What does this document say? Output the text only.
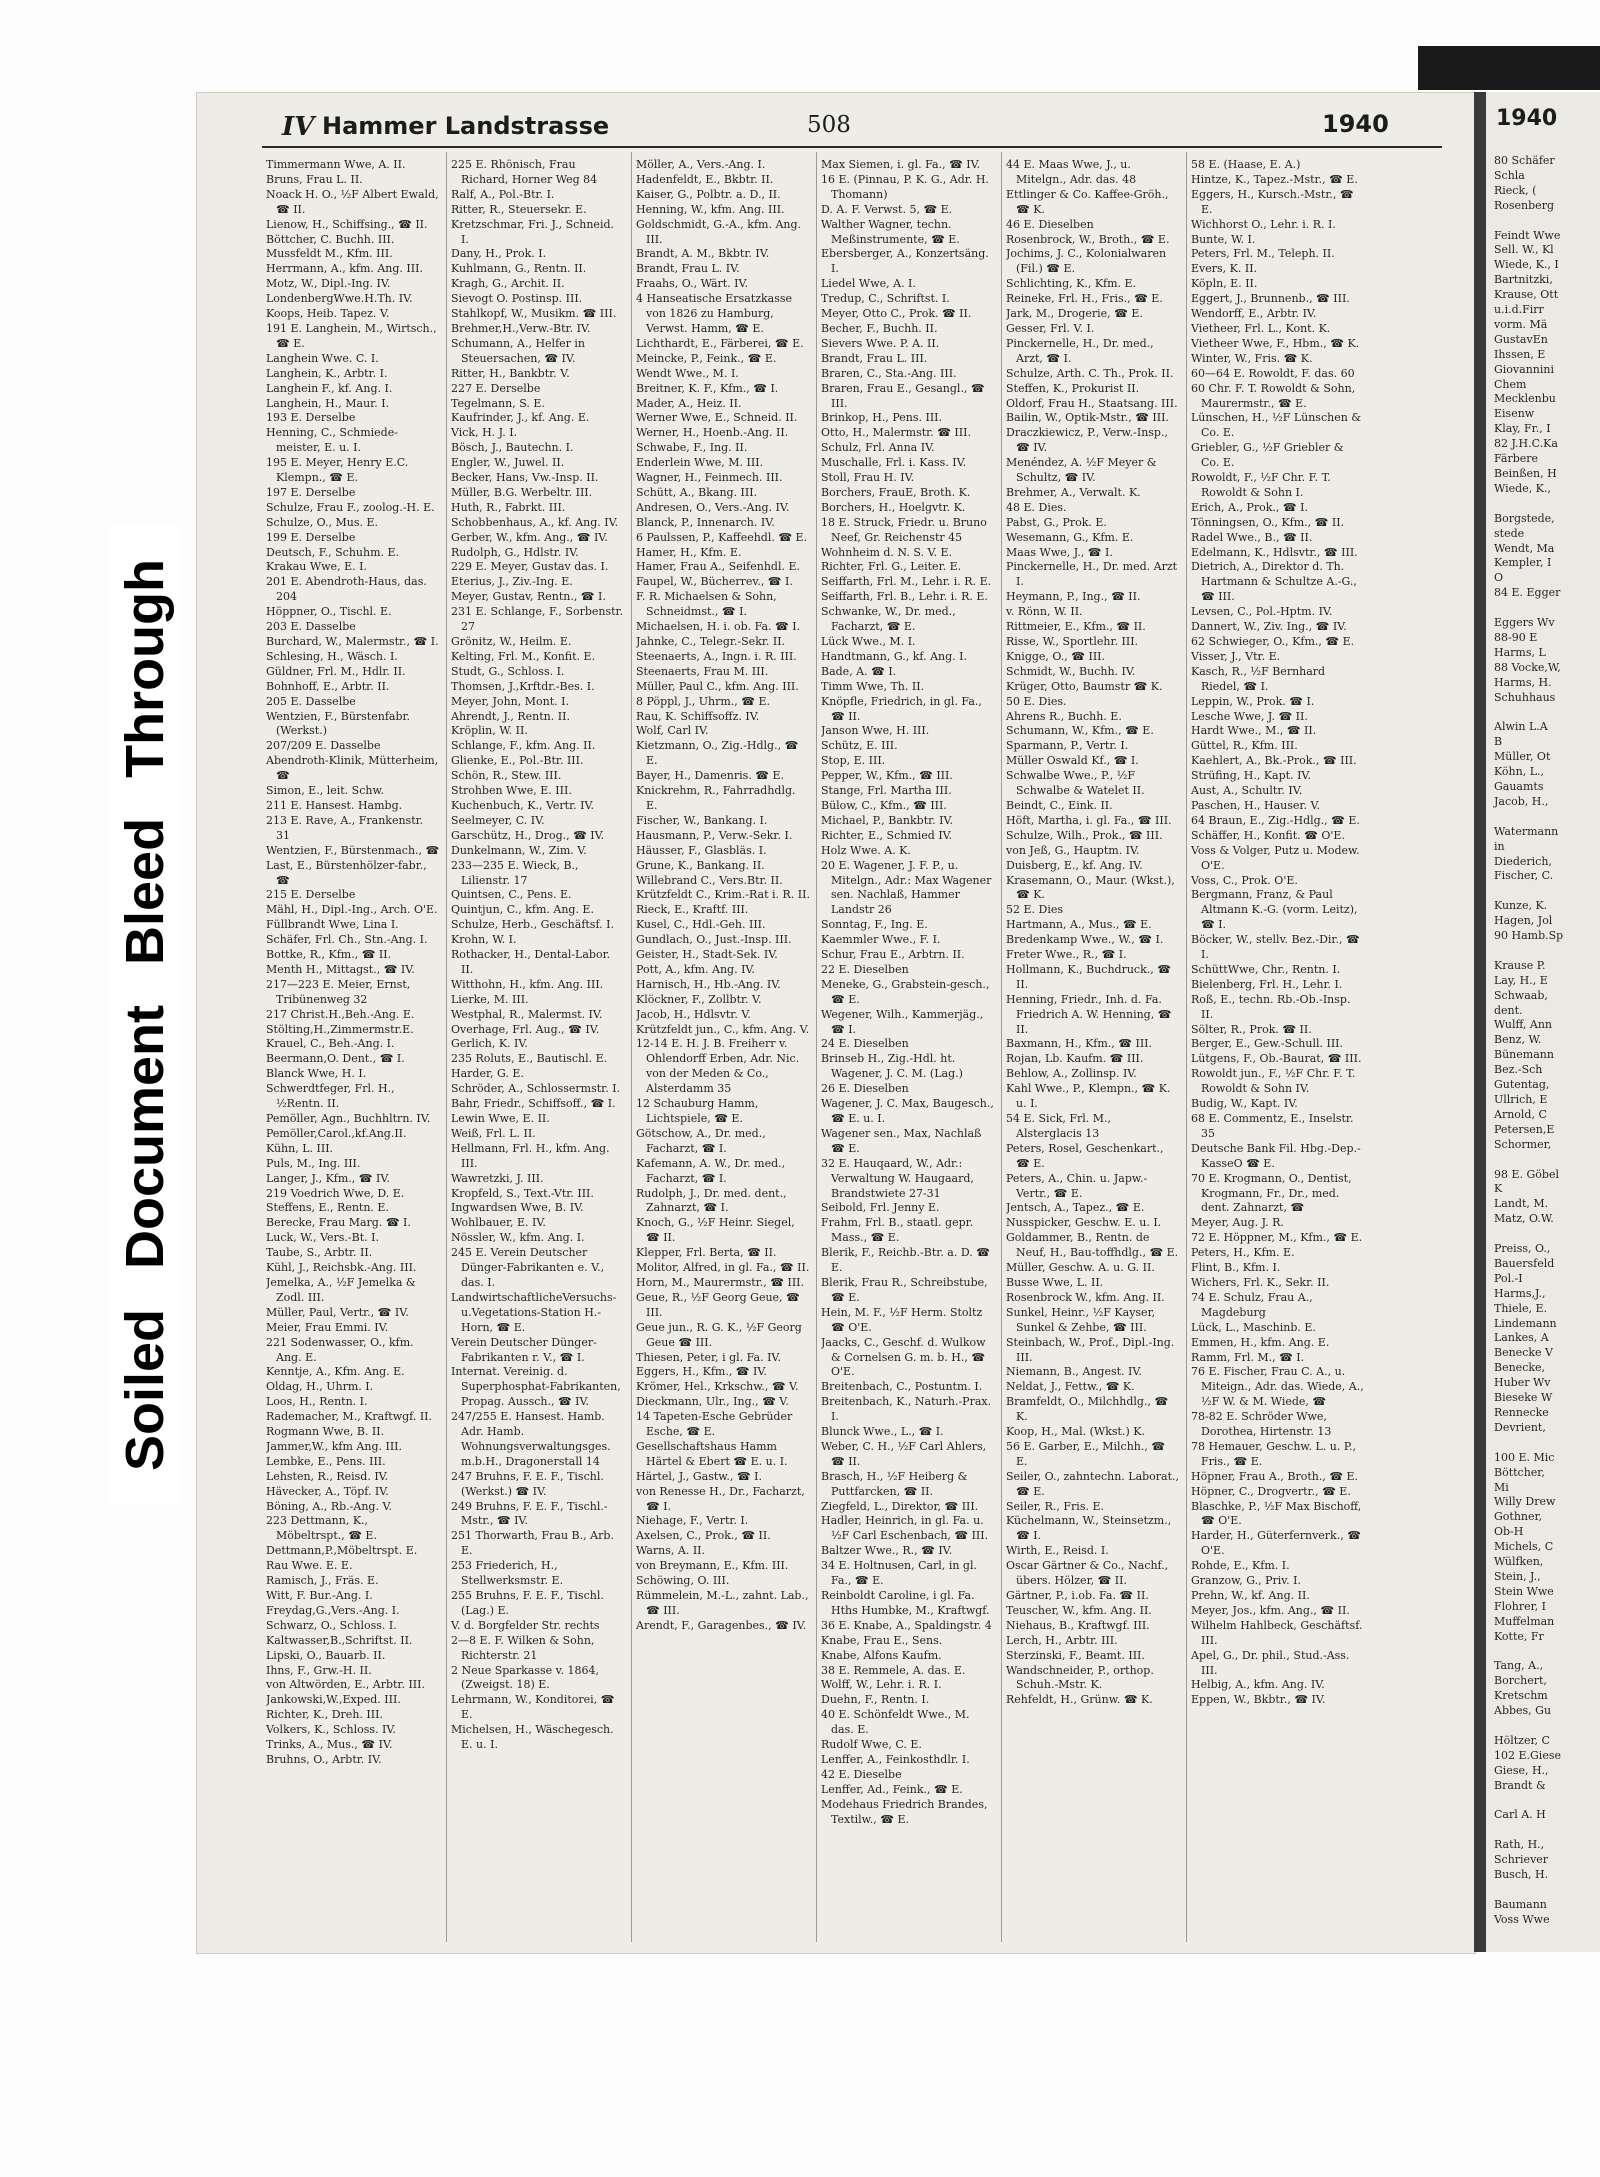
SoiledDocumentBleedThrough
1940
80 Schäfer
Schla
Rieck, (
Rosenberg
Feindt Wwe
Sell. W., Kl
Wiede, K., I
Bartnitzki,
Krause, Ott
u.i.d.Firr
vorm. Mä
GustavEn
Ihssen, E
Giovannini
Chem
Mecklenbu
Eisenw
Klay, Fr., I
82 J.H.C.Ka
Färbere
Beinßen, H
Wiede, K.,
Borgstede,
stede
Wendt, Ma
Kempler, I
O
84 E. Egger
Eggers Wv
88-90 E
Harms, L
88 Vocke,W,
Harms, H.
Schuhhaus
Alwin L.A
B
Müller, Ot
Köhn, L.,
Gauamts
Jacob, H.,
Watermann
in
Diederich,
Fischer, C.
Kunze, K.
Hagen, Jol
90 Hamb.Sp
Krause P.
Lay, H., E
Schwaab,
dent.
Wulff, Ann
Benz, W.
Bünemann
Bez.-Sch
Gutentag,
Ullrich, E
Arnold, C
Petersen,E
Schormer,
98 E. Göbel
K
Landt, M.
Matz, O.W.
Preiss, O.,
Bauersfeld
Pol.-I
Harms,J.,
Thiele, E.
Lindemann
Lankes, A
Benecke V
Benecke,
Huber Wv
Bieseke W
Rennecke
Devrient,
100 E. Mic
Böttcher,
Mi
Willy Drew
Gothner,
Ob-H
Michels, C
Wülfken,
Stein, J.,
Stein Wwe
Flohrer, I
Muffelman
Kotte, Fr
Tang, A.,
Borchert,
Kretschm
Abbes, Gu
Höltzer, C
102 E.Giese
Giese, H.,
Brandt &
Carl A. H
Rath, H.,
Schriever
Busch, H.
Baumann
Voss Wwe
IV Hammer Landstrasse	508	1940

Timmermann Wwe, A. II.

Bruns, Frau L. II.

Noack H. O., ½F Albert Ewald, ☎ II.

Lienow, H., Schiffsing., ☎ II.

Böttcher, C. Buchh. III.

Mussfeldt M., Kfm. III.

Herrmann, A., kfm. Ang. III.

Motz, W., Dipl.-Ing. IV.

LondenbergWwe.H.Th. IV.

Koops, Heib. Tapez. V.

191 E. Langhein, M., Wirtsch., ☎ E.

Langhein Wwe. C. I.

Langhein, K., Arbtr. I.

Langhein F., kf. Ang. I.

Langhein, H., Maur. I.

193 E. Derselbe

Henning, C., Schmiede-meister, E. u. I.

195 E. Meyer, Henry E.C. Klempn., ☎ E.

197 E. Derselbe

Schulze, Frau F., zoolog.-H. E.

Schulze, O., Mus. E.

199 E. Derselbe

Deutsch, F., Schuhm. E.

Krakau Wwe, E. I.

201 E. Abendroth-Haus, das. 204

Höppner, O., Tischl. E.

203 E. Dasselbe

Burchard, W., Malermstr., ☎ I.

Schlesing, H., Wäsch. I.

Güldner, Frl. M., Hdlr. II.

Bohnhoff, E., Arbtr. II.

205 E. Dasselbe

Wentzien, F., Bürstenfabr. (Werkst.)

207/209 E. Dasselbe

Abendroth-Klinik, Mütterheim, ☎

Simon, E., leit. Schw.

211 E. Hansest. Hambg.

213 E. Rave, A., Frankenstr. 31

Wentzien, F., Bürstenmach., ☎

Last, E., Bürstenhölzer-fabr., ☎

215 E. Derselbe

Mähl, H., Dipl.-Ing., Arch. O'E.

Füllbrandt Wwe, Lina I.

Schäfer, Frl. Ch., Stn.-Ang. I.

Bottke, R., Kfm., ☎ II.

Menth H., Mittagst., ☎ IV.

217—223 E. Meier, Ernst, Tribünenweg 32

217 Christ.H.,Beh.-Ang. E.

Stölting,H.,Zimmermstr.E.

Krauel, C., Beh.-Ang. I.

Beermann,O. Dent., ☎ I.

Blanck Wwe, H. I.

Schwerdtfeger, Frl. H., ½Rentn. II.

Pemöller, Agn., Buchhltrn. IV.

Pemöller,Carol.,kf.Ang.II.

Kühn, L. III.

Puls, M., Ing. III.

Langer, J., Kfm., ☎ IV.

219 Voedrich Wwe, D. E.

Steffens, E., Rentn. E.

Berecke, Frau Marg. ☎ I.

Luck, W., Vers.-Bt. I.

Taube, S., Arbtr. II.

Kühl, J., Reichsbk.-Ang. III.

Jemelka, A., ½F Jemelka & Zodl. III.

Müller, Paul, Vertr., ☎ IV.

Meier, Frau Emmi. IV.

221 Sodenwasser, O., kfm. Ang. E.

Kenntje, A., Kfm. Ang. E.

Oldag, H., Uhrm. I.

Loos, H., Rentn. I.

Rademacher, M., Kraftwgf. II.

Rogmann Wwe, B. II.

Jammer,W., kfm Ang. III.

Lembke, E., Pens. III.

Lehsten, R., Reisd. IV.

Hävecker, A., Töpf. IV.

Böning, A., Rb.-Ang. V.

223 Dettmann, K., Möbeltrspt., ☎ E.

Dettmann,P.,Möbeltrspt. E.

Rau Wwe. E. E.

Ramisch, J., Fräs. E.

Witt, F. Bur.-Ang. I.

Freydag,G.,Vers.-Ang. I.

Schwarz, O., Schloss. I.

Kaltwasser,B.,Schriftst. II.

Lipski, O., Bauarb. II.

Ihns, F., Grw.-H. II.

von Altwörden, E., Arbtr. III.

Jankowski,W.,Exped. III.

Richter, K., Dreh. III.

Volkers, K., Schloss. IV.

Trinks, A., Mus., ☎ IV.

Bruhns, O., Arbtr. IV.

225 E. Rhönisch, Frau Richard, Horner Weg 84

Ralf, A., Pol.-Btr. I.

Ritter, R., Steuersekr. E.

Kretzschmar, Fri. J., Schneid. I.

Dany, H., Prok. I.

Kuhlmann, G., Rentn. II.

Kragh, G., Archit. II.

Sievogt O. Postinsp. III.

Stahlkopf, W., Musikm. ☎ III.

Brehmer,H.,Verw.-Btr. IV.

Schumann, A., Helfer in Steuersachen, ☎ IV.

Ritter, H., Bankbtr. V.

227 E. Derselbe

Tegelmann, S. E.

Kaufrinder, J., kf. Ang. E.

Vick, H. J. I.

Bösch, J., Bautechn. I.

Engler, W., Juwel. II.

Becker, Hans, Vw.-Insp. II.

Müller, B.G. Werbeltr. III.

Huth, R., Fabrkt. III.

Schobbenhaus, A., kf. Ang. IV.

Gerber, W., kfm. Ang., ☎ IV.

Rudolph, G., Hdlstr. IV.

229 E. Meyer, Gustav das. I.

Eterius, J., Ziv.-Ing. E.

Meyer, Gustav, Rentn., ☎ I.

231 E. Schlange, F., Sorbenstr. 27

Grönitz, W., Heilm. E.

Kelting, Frl. M., Konfit. E.

Studt, G., Schloss. I.

Thomsen, J.,Krftdr.-Bes. I.

Meyer, John, Mont. I.

Ahrendt, J., Rentn. II.

Kröplin, W. II.

Schlange, F., kfm. Ang. II.

Glienke, E., Pol.-Btr. III.

Schön, R., Stew. III.

Strohben Wwe, E. III.

Kuchenbuch, K., Vertr. IV.

Seelmeyer, C. IV.

Garschütz, H., Drog., ☎ IV.

Dunkelmann, W., Zim. V.

233—235 E. Wieck, B., Lilienstr. 17

Quintsen, C., Pens. E.

Quintjun, C., kfm. Ang. E.

Schulze, Herb., Geschäftsf. I.

Krohn, W. I.

Rothacker, H., Dental-Labor. II.

Witthohn, H., kfm. Ang. III.

Lierke, M. III.

Westphal, R., Malermst. IV.

Overhage, Frl. Aug., ☎ IV.

Gerlich, K. IV.

235 Roluts, E., Bautischl. E.

Harder, G. E.

Schröder, A., Schlossermstr. I.

Bahr, Friedr., Schiffsoff., ☎ I.

Lewin Wwe, E. II.

Weiß, Frl. L. II.

Hellmann, Frl. H., kfm. Ang. III.

Wawretzki, J. III.

Kropfeld, S., Text.-Vtr. III.

Ingwardsen Wwe, B. IV.

Wohlbauer, E. IV.

Nössler, W., kfm. Ang. I.

245 E. Verein Deutscher Dünger-Fabrikanten e. V., das. I.

LandwirtschaftlicheVersuchs-u.Vegetations-Station H.-Horn, ☎ E.

Verein Deutscher Dünger-Fabrikanten r. V., ☎ I.

Internat. Vereinig. d. Superphosphat-Fabrikanten, Propag. Aussch., ☎ IV.

247/255 E. Hansest. Hamb. Adr. Hamb. Wohnungsverwaltungsges. m.b.H., Dragonerstall 14

247 Bruhns, F. E. F., Tischl. (Werkst.) ☎ IV.

249 Bruhns, F. E. F., Tischl.-Mstr., ☎ IV.

251 Thorwarth, Frau B., Arb. E.

253 Friederich, H., Stellwerksmstr. E.

255 Bruhns, F. E. F., Tischl. (Lag.) E.

V. d. Borgfelder Str. rechts

2—8 E. F. Wilken & Sohn, Richterstr. 21

2 Neue Sparkasse v. 1864, (Zweigst. 18) E.

Lehrmann, W., Konditorei, ☎ E.

Michelsen, H., Wäschegesch. E. u. I.

Möller, A., Vers.-Ang. I.

Hadenfeldt, E., Bkbtr. II.

Kaiser, G., Polbtr. a. D., II.

Henning, W., kfm. Ang. III.

Goldschmidt, G.-A., kfm. Ang. III.

Brandt, A. M., Bkbtr. IV.

Brandt, Frau L. IV.

Fraahs, O., Wärt. IV.

4 Hanseatische Ersatzkasse von 1826 zu Hamburg, Verwst. Hamm, ☎ E.

Lichthardt, E., Färberei, ☎ E.

Meincke, P., Feink., ☎ E.

Wendt Wwe., M. I.

Breitner, K. F., Kfm., ☎ I.

Mader, A., Heiz. II.

Werner Wwe, E., Schneid. II.

Werner, H., Hoenb.-Ang. II.

Schwabe, F., Ing. II.

Enderlein Wwe, M. III.

Wagner, H., Feinmech. III.

Schütt, A., Bkang. III.

Andresen, O., Vers.-Ang. IV.

Blanck, P., Innenarch. IV.

6 Paulssen, P., Kaffeehdl. ☎ E.

Hamer, H., Kfm. E.

Hamer, Frau A., Seifenhdl. E.

Faupel, W., Bücherrev., ☎ I.

F. R. Michaelsen & Sohn, Schneidmst., ☎ I.

Michaelsen, H. i. ob. Fa. ☎ I.

Jahnke, C., Telegr.-Sekr. II.

Steenaerts, A., Ingn. i. R. III.

Steenaerts, Frau M. III.

Müller, Paul C., kfm. Ang. III.

8 Pöppl, J., Uhrm., ☎ E.

Rau, K. Schiffsoffz. IV.

Wolf, Carl IV.

Kietzmann, O., Zig.-Hdlg., ☎ E.

Bayer, H., Damenris. ☎ E.

Knickrehm, R., Fahrradhdlg. E.

Fischer, W., Bankang. I.

Hausmann, P., Verw.-Sekr. I.

Häusser, F., Glasbläs. I.

Grune, K., Bankang. II.

Willebrand C., Vers.Btr. II.

Krützfeldt C., Krim.-Rat i. R. II.

Rieck, E., Kraftf. III.

Kusel, C., Hdl.-Geh. III.

Gundlach, O., Just.-Insp. III.

Geister, H., Stadt-Sek. IV.

Pott, A., kfm. Ang. IV.

Harnisch, H., Hb.-Ang. IV.

Klöckner, F., Zollbtr. V.

Jacob, H., Hdlsvtr. V.

Krützfeldt jun., C., kfm. Ang. V.

12-14 E. H. J. B. Freiherr v. Ohlendorff Erben, Adr. Nic. von der Meden & Co., Alsterdamm 35

12 Schauburg Hamm, Lichtspiele, ☎ E.

Götschow, A., Dr. med., Facharzt, ☎ I.

Kafemann, A. W., Dr. med., Facharzt, ☎ I.

Rudolph, J., Dr. med. dent., Zahnarzt, ☎ I.

Knoch, G., ½F Heinr. Siegel, ☎ II.

Klepper, Frl. Berta, ☎ II.

Molitor, Alfred, in gl. Fa., ☎ II.

Horn, M., Maurermstr., ☎ III.

Geue, R., ½F Georg Geue, ☎ III.

Geue jun., R. G. K., ½F Georg Geue ☎ III.

Thiesen, Peter, i gl. Fa. IV.

Eggers, H., Kfm., ☎ IV.

Krömer, Hel., Krkschw., ☎ V.

Dieckmann, Ulr., Ing., ☎ V.

14 Tapeten-Esche Gebrüder Esche, ☎ E.

Gesellschaftshaus Hamm Härtel & Ebert ☎ E. u. I.

Härtel, J., Gastw., ☎ I.

von Renesse H., Dr., Facharzt, ☎ I.

Niehage, F., Vertr. I.

Axelsen, C., Prok., ☎ II.

Warns, A. II.

von Breymann, E., Kfm. III.

Schöwing, O. III.

Rümmelein, M.-L., zahnt. Lab., ☎ III.

Arendt, F., Garagenbes., ☎ IV.

Max Siemen, i. gl. Fa., ☎ IV.

16 E. (Pinnau, P. K. G., Adr. H. Thomann)

D. A. F. Verwst. 5, ☎ E.

Walther Wagner, techn. Meßinstrumente, ☎ E.

Ebersberger, A., Konzertsäng. I.

Liedel Wwe, A. I.

Tredup, C., Schriftst. I.

Meyer, Otto C., Prok. ☎ II.

Becher, F., Buchh. II.

Sievers Wwe. P. A. II.

Brandt, Frau L. III.

Braren, C., Sta.-Ang. III.

Braren, Frau E., Gesangl., ☎ III.

Brinkop, H., Pens. III.

Otto, H., Malermstr. ☎ III.

Schulz, Frl. Anna IV.

Muschalle, Frl. i. Kass. IV.

Stoll, Frau H. IV.

Borchers, FrauE, Broth. K.

Borchers, H., Hoelgvtr. K.

18 E. Struck, Friedr. u. Bruno Neef, Gr. Reichenstr 45

Wohnheim d. N. S. V. E.

Richter, Frl. G., Leiter. E.

Seiffarth, Frl. M., Lehr. i. R. E.

Seiffarth, Frl. B., Lehr. i. R. E.

Schwanke, W., Dr. med., Facharzt, ☎ E.

Lück Wwe., M. I.

Handtmann, G., kf. Ang. I.

Bade, A. ☎ I.

Timm Wwe, Th. II.

Knöpfle, Friedrich, in gl. Fa., ☎ II.

Janson Wwe, H. III.

Schütz, E. III.

Stop, E. III.

Pepper, W., Kfm., ☎ III.

Stange, Frl. Martha III.

Bülow, C., Kfm., ☎ III.

Michael, P., Bankbtr. IV.

Richter, E., Schmied IV.

Holz Wwe. A. K.

20 E. Wagener, J. F. P., u. Mitelgn., Adr.: Max Wagener sen. Nachlaß, Hammer Landstr 26

Sonntag, F., Ing. E.

Kaemmler Wwe., F. I.

Schur, Frau E., Arbtrn. II.

22 E. Dieselben

Meneke, G., Grabstein-gesch., ☎ E.

Wegener, Wilh., Kammerjäg., ☎ I.

24 E. Dieselben

Brinseb H., Zig.-Hdl. ht. Wagener, J. C. M. (Lag.)

26 E. Dieselben

Wagener, J. C. Max, Baugesch., ☎ E. u. I.

Wagener sen., Max, Nachlaß ☎ E.

32 E. Hauqaard, W., Adr.: Verwaltung W. Haugaard, Brandstwiete 27-31

Seibold, Frl. Jenny E.

Frahm, Frl. B., staatl. gepr. Mass., ☎ E.

Blerik, F., Reichb.-Btr. a. D. ☎ E.

Blerik, Frau R., Schreibstube, ☎ E.

Hein, M. F., ½F Herm. Stoltz ☎ O'E.

Jaacks, C., Geschf. d. Wulkow & Cornelsen G. m. b. H., ☎ O'E.

Breitenbach, C., Postuntm. I.

Breitenbach, K., Naturh.-Prax. I.

Blunck Wwe., L., ☎ I.

Weber, C. H., ½F Carl Ahlers, ☎ II.

Brasch, H., ½F Heiberg & Puttfarcken, ☎ II.

Ziegfeld, L., Direktor, ☎ III.

Hadler, Heinrich, in gl. Fa. u. ½F Carl Eschenbach, ☎ III.

Baltzer Wwe., R., ☎ IV.

34 E. Holtnusen, Carl, in gl. Fa., ☎ E.

Reinboldt Caroline, i gl. Fa. Hths Humbke, M., Kraftwgf.

36 E. Knabe, A., Spaldingstr. 4

Knabe, Frau E., Sens.

Knabe, Alfons Kaufm.

38 E. Remmele, A. das. E.

Wolff, W., Lehr. i. R. I.

Duehn, F., Rentn. I.

40 E. Schönfeldt Wwe., M. das. E.

Rudolf Wwe, C. E.

Lenffer, A., Feinkosthdlr. I.

42 E. Dieselbe

Lenffer, Ad., Feink., ☎ E.

Modehaus Friedrich Brandes, Textilw., ☎ E.

44 E. Maas Wwe, J., u. Mitelgn., Adr. das. 48

Ettlinger & Co. Kaffee-Gröh., ☎ K.

46 E. Dieselben

Rosenbrock, W., Broth., ☎ E.

Jochims, J. C., Kolonialwaren (Fil.) ☎ E.

Schlichting, K., Kfm. E.

Reineke, Frl. H., Fris., ☎ E.

Jark, M., Drogerie, ☎ E.

Gesser, Frl. V. I.

Pinckernelle, H., Dr. med., Arzt, ☎ I.

Schulze, Arth. C. Th., Prok. II.

Steffen, K., Prokurist II.

Oldorf, Frau H., Staatsang. III.

Bailin, W., Optik-Mstr., ☎ III.

Draczkiewicz, P., Verw.-Insp., ☎ IV.

Menéndez, A. ½F Meyer & Schultz, ☎ IV.

Brehmer, A., Verwalt. K.

48 E. Dies.

Pabst, G., Prok. E.

Wesemann, G., Kfm. E.

Maas Wwe, J., ☎ I.

Pinckernelle, H., Dr. med. Arzt I.

Heymann, P., Ing., ☎ II.

v. Rönn, W. II.

Rittmeier, E., Kfm., ☎ II.

Risse, W., Sportlehr. III.

Knigge, O., ☎ III.

Schmidt, W., Buchh. IV.

Krüger, Otto, Baumstr ☎ K.

50 E. Dies.

Ahrens R., Buchh. E.

Schumann, W., Kfm., ☎ E.

Sparmann, P., Vertr. I.

Müller Oswald Kf., ☎ I.

Schwalbe Wwe., P., ½F Schwalbe & Watelet II.

Beindt, C., Eink. II.

Höft, Martha, i. gl. Fa., ☎ III.

Schulze, Wilh., Prok., ☎ III.

von Jeß, G., Hauptm. IV.

Duisberg, E., kf. Ang. IV.

Krasemann, O., Maur. (Wkst.), ☎ K.

52 E. Dies

Hartmann, A., Mus., ☎ E.

Bredenkamp Wwe., W., ☎ I.

Freter Wwe., R., ☎ I.

Hollmann, K., Buchdruck., ☎ II.

Henning, Friedr., Inh. d. Fa. Friedrich A. W. Henning, ☎ II.

Baxmann, H., Kfm., ☎ III.

Rojan, Lb. Kaufm. ☎ III.

Behlow, A., Zollinsp. IV.

Kahl Wwe., P., Klempn., ☎ K. u. I.

54 E. Sick, Frl. M., Alsterglacis 13

Peters, Rosel, Geschenkart., ☎ E.

Peters, A., Chin. u. Japw.-Vertr., ☎ E.

Jentsch, A., Tapez., ☎ E.

Nusspicker, Geschw. E. u. I.

Goldammer, B., Rentn. de Neuf, H., Bau-toffhdlg., ☎ E.

Müller, Geschw. A. u. G. II.

Busse Wwe, L. II.

Rosenbrock W., kfm. Ang. II.

Sunkel, Heinr., ½F Kayser, Sunkel & Zehbe, ☎ III.

Steinbach, W., Prof., Dipl.-Ing. III.

Niemann, B., Angest. IV.

Neldat, J., Fettw., ☎ K.

Bramfeldt, O., Milchhdlg., ☎ K.

Koop, H., Mal. (Wkst.) K.

56 E. Garber, E., Milchh., ☎ E.

Seiler, O., zahntechn. Laborat., ☎ E.

Seiler, R., Fris. E.

Küchelmann, W., Steinsetzm., ☎ I.

Wirth, E., Reisd. I.

Oscar Gärtner & Co., Nachf., übers. Hölzer, ☎ II.

Gärtner, P., i.ob. Fa. ☎ II.

Teuscher, W., kfm. Ang. II.

Niehaus, B., Kraftwgf. III.

Lerch, H., Arbtr. III.

Sterzinski, F., Beamt. III.

Wandschneider, P., orthop. Schuh.-Mstr. K.

Rehfeldt, H., Grünw. ☎ K.

58 E. (Haase, E. A.)

Hintze, K., Tapez.-Mstr., ☎ E.

Eggers, H., Kursch.-Mstr., ☎ E.

Wichhorst O., Lehr. i. R. I.

Bunte, W. I.

Peters, Frl. M., Teleph. II.

Evers, K. II.

Köpln, E. II.

Eggert, J., Brunnenb., ☎ III.

Wendorff, E., Arbtr. IV.

Vietheer, Frl. L., Kont. K.

Vietheer Wwe, F., Hbm., ☎ K.

Winter, W., Fris. ☎ K.

60—64 E. Rowoldt, F. das. 60

60 Chr. F. T. Rowoldt & Sohn, Maurermstr., ☎ E.

Lünschen, H., ½F Lünschen & Co. E.

Griebler, G., ½F Griebler & Co. E.

Rowoldt, F., ½F Chr. F. T. Rowoldt & Sohn I.

Erich, A., Prok., ☎ I.

Tönningsen, O., Kfm., ☎ II.

Radel Wwe., B., ☎ II.

Edelmann, K., Hdlsvtr., ☎ III.

Dietrich, A., Direktor d. Th. Hartmann & Schultze A.-G., ☎ III.

Levsen, C., Pol.-Hptm. IV.

Dannert, W., Ziv. Ing., ☎ IV.

62 Schwieger, O., Kfm., ☎ E.

Visser, J., Vtr. E.

Kasch, R., ½F Bernhard Riedel, ☎ I.

Leppin, W., Prok. ☎ I.

Lesche Wwe, J. ☎ II.

Hardt Wwe., M., ☎ II.

Güttel, R., Kfm. III.

Kaehlert, A., Bk.-Prok., ☎ III.

Strüfing, H., Kapt. IV.

Aust, A., Schultr. IV.

Paschen, H., Hauser. V.

64 Braun, E., Zig.-Hdlg., ☎ E.

Schäffer, H., Konfit. ☎ O'E.

Voss & Volger, Putz u. Modew. O'E.

Voss, C., Prok. O'E.

Bergmann, Franz, & Paul Altmann K.-G. (vorm. Leitz), ☎ I.

Böcker, W., stellv. Bez.-Dir., ☎ I.

SchüttWwe, Chr., Rentn. I.

Bielenberg, Frl. H., Lehr. I.

Roß, E., techn. Rb.-Ob.-Insp. II.

Sölter, R., Prok. ☎ II.

Berger, E., Gew.-Schull. III.

Lütgens, F., Ob.-Baurat, ☎ III.

Rowoldt jun., F., ½F Chr. F. T. Rowoldt & Sohn IV.

Budig, W., Kapt. IV.

68 E. Commentz, E., Inselstr. 35

Deutsche Bank Fil. Hbg.-Dep.-KasseO ☎ E.

70 E. Krogmann, O., Dentist, Krogmann, Fr., Dr., med. dent. Zahnarzt, ☎

Meyer, Aug. J. R.

72 E. Höppner, M., Kfm., ☎ E.

Peters, H., Kfm. E.

Flint, B., Kfm. I.

Wichers, Frl. K., Sekr. II.

74 E. Schulz, Frau A., Magdeburg

Lück, L., Maschinb. E.

Emmen, H., kfm. Ang. E.

Ramm, Frl. M., ☎ I.

76 E. Fischer, Frau C. A., u. Miteign., Adr. das. Wiede, A., ½F W. & M. Wiede, ☎

78-82 E. Schröder Wwe, Dorothea, Hirtenstr. 13

78 Hemauer, Geschw. L. u. P., Fris., ☎ E.

Höpner, Frau A., Broth., ☎ E.

Höpner, C., Drogvertr., ☎ E.

Blaschke, P., ½F Max Bischoff, ☎ O'E.

Harder, H., Güterfernverk., ☎ O'E.

Rohde, E., Kfm. I.

Granzow, G., Priv. I.

Prehn, W., kf. Ang. II.

Meyer, Jos., kfm. Ang., ☎ II.

Wilhelm Hahlbeck, Geschäftsf. III.

Apel, G., Dr. phil., Stud.-Ass. III.

Helbig, A., kfm. Ang. IV.

Eppen, W., Bkbtr., ☎ IV.
